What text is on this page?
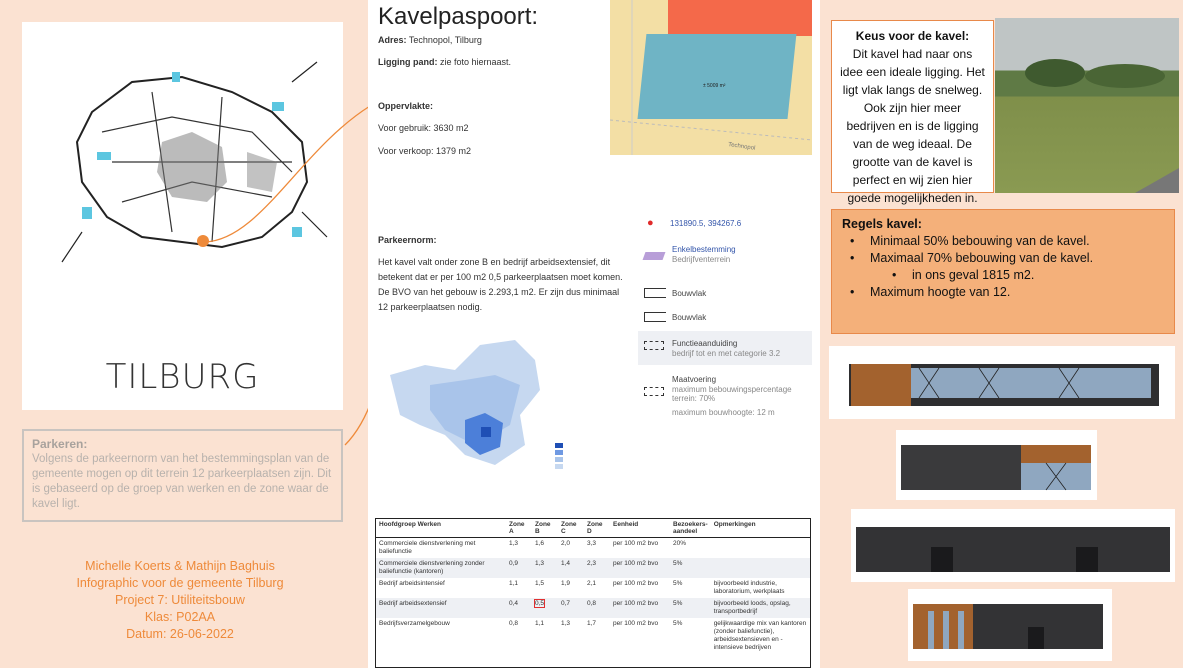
TILBURG
Parkeren:
Volgens de parkeernorm van het bestemmingsplan van de gemeente mogen op dit terrein 12 parkeerplaatsen zijn. Dit is gebaseerd op de groep van werken en de zone waar de kavel ligt.
Michelle Koerts & Mathijn Baghuis
Infographic voor de gemeente Tilburg
Project 7: Utiliteitsbouw
Klas: P02AA
Datum: 26-06-2022
Kavelpaspoort:
Adres: Technopol, Tilburg
Ligging pand: zie foto hiernaast.
Oppervlakte:
Voor gebruik: 3630 m2
Voor verkoop: 1379 m2
Parkeernorm:
Het kavel valt onder zone B en bedrijf arbeidsextensief, dit betekent dat er per 100 m2 0,5 parkeerplaatsen moet komen. De BVO van het gebouw is 2.293,1 m2. Er zijn dus minimaal 12 parkeerplaatsen nodig.
± 5009 m²
Technopol
● 131890.5, 394267.6
Enkelbestemming
Bedrijfventerrein
Bouwvlak
Bouwvlak
Functieaanduiding
bedrijf tot en met categorie 3.2
Maatvoering
maximum bebouwingspercentage terrein: 70%
maximum bouwhoogte: 12 m
Hoofdgroep Werken	Zone A	Zone B	Zone C	Zone D	Eenheid	Bezoekers-aandeel	Opmerkingen
Commerciele dienstverlening met baliefunctie	1,3	1,6	2,0	3,3	per 100 m2 bvo	20%	
Commerciele dienstverlening zonder baliefunctie (kantoren)	0,9	1,3	1,4	2,3	per 100 m2 bvo	5%	
Bedrijf arbeidsintensief	1,1	1,5	1,9	2,1	per 100 m2 bvo	5%	bijvoorbeeld industrie, laboratorium, werkplaats
Bedrijf arbeidsextensief	0,4	0,5	0,7	0,8	per 100 m2 bvo	5%	bijvoorbeeld loods, opslag, transportbedrijf
Bedrijfsverzamelgebouw	0,8	1,1	1,3	1,7	per 100 m2 bvo	5%	gelijkwaardige mix van kantoren (zonder baliefunctie), arbeidsextensieven en - intensieve bedrijven
Keus voor de kavel:
Dit kavel had naar ons idee een ideale ligging. Het ligt vlak langs de snelweg. Ook zijn hier meer bedrijven en is de ligging van de weg ideaal. De grootte van de kavel is perfect en wij zien hier goede mogelijkheden in.
Regels kavel:
• Minimaal 50% bebouwing van de kavel.
• Maximaal 70% bebouwing van de kavel.
• in ons geval 1815 m2.
• Maximum hoogte van 12.
